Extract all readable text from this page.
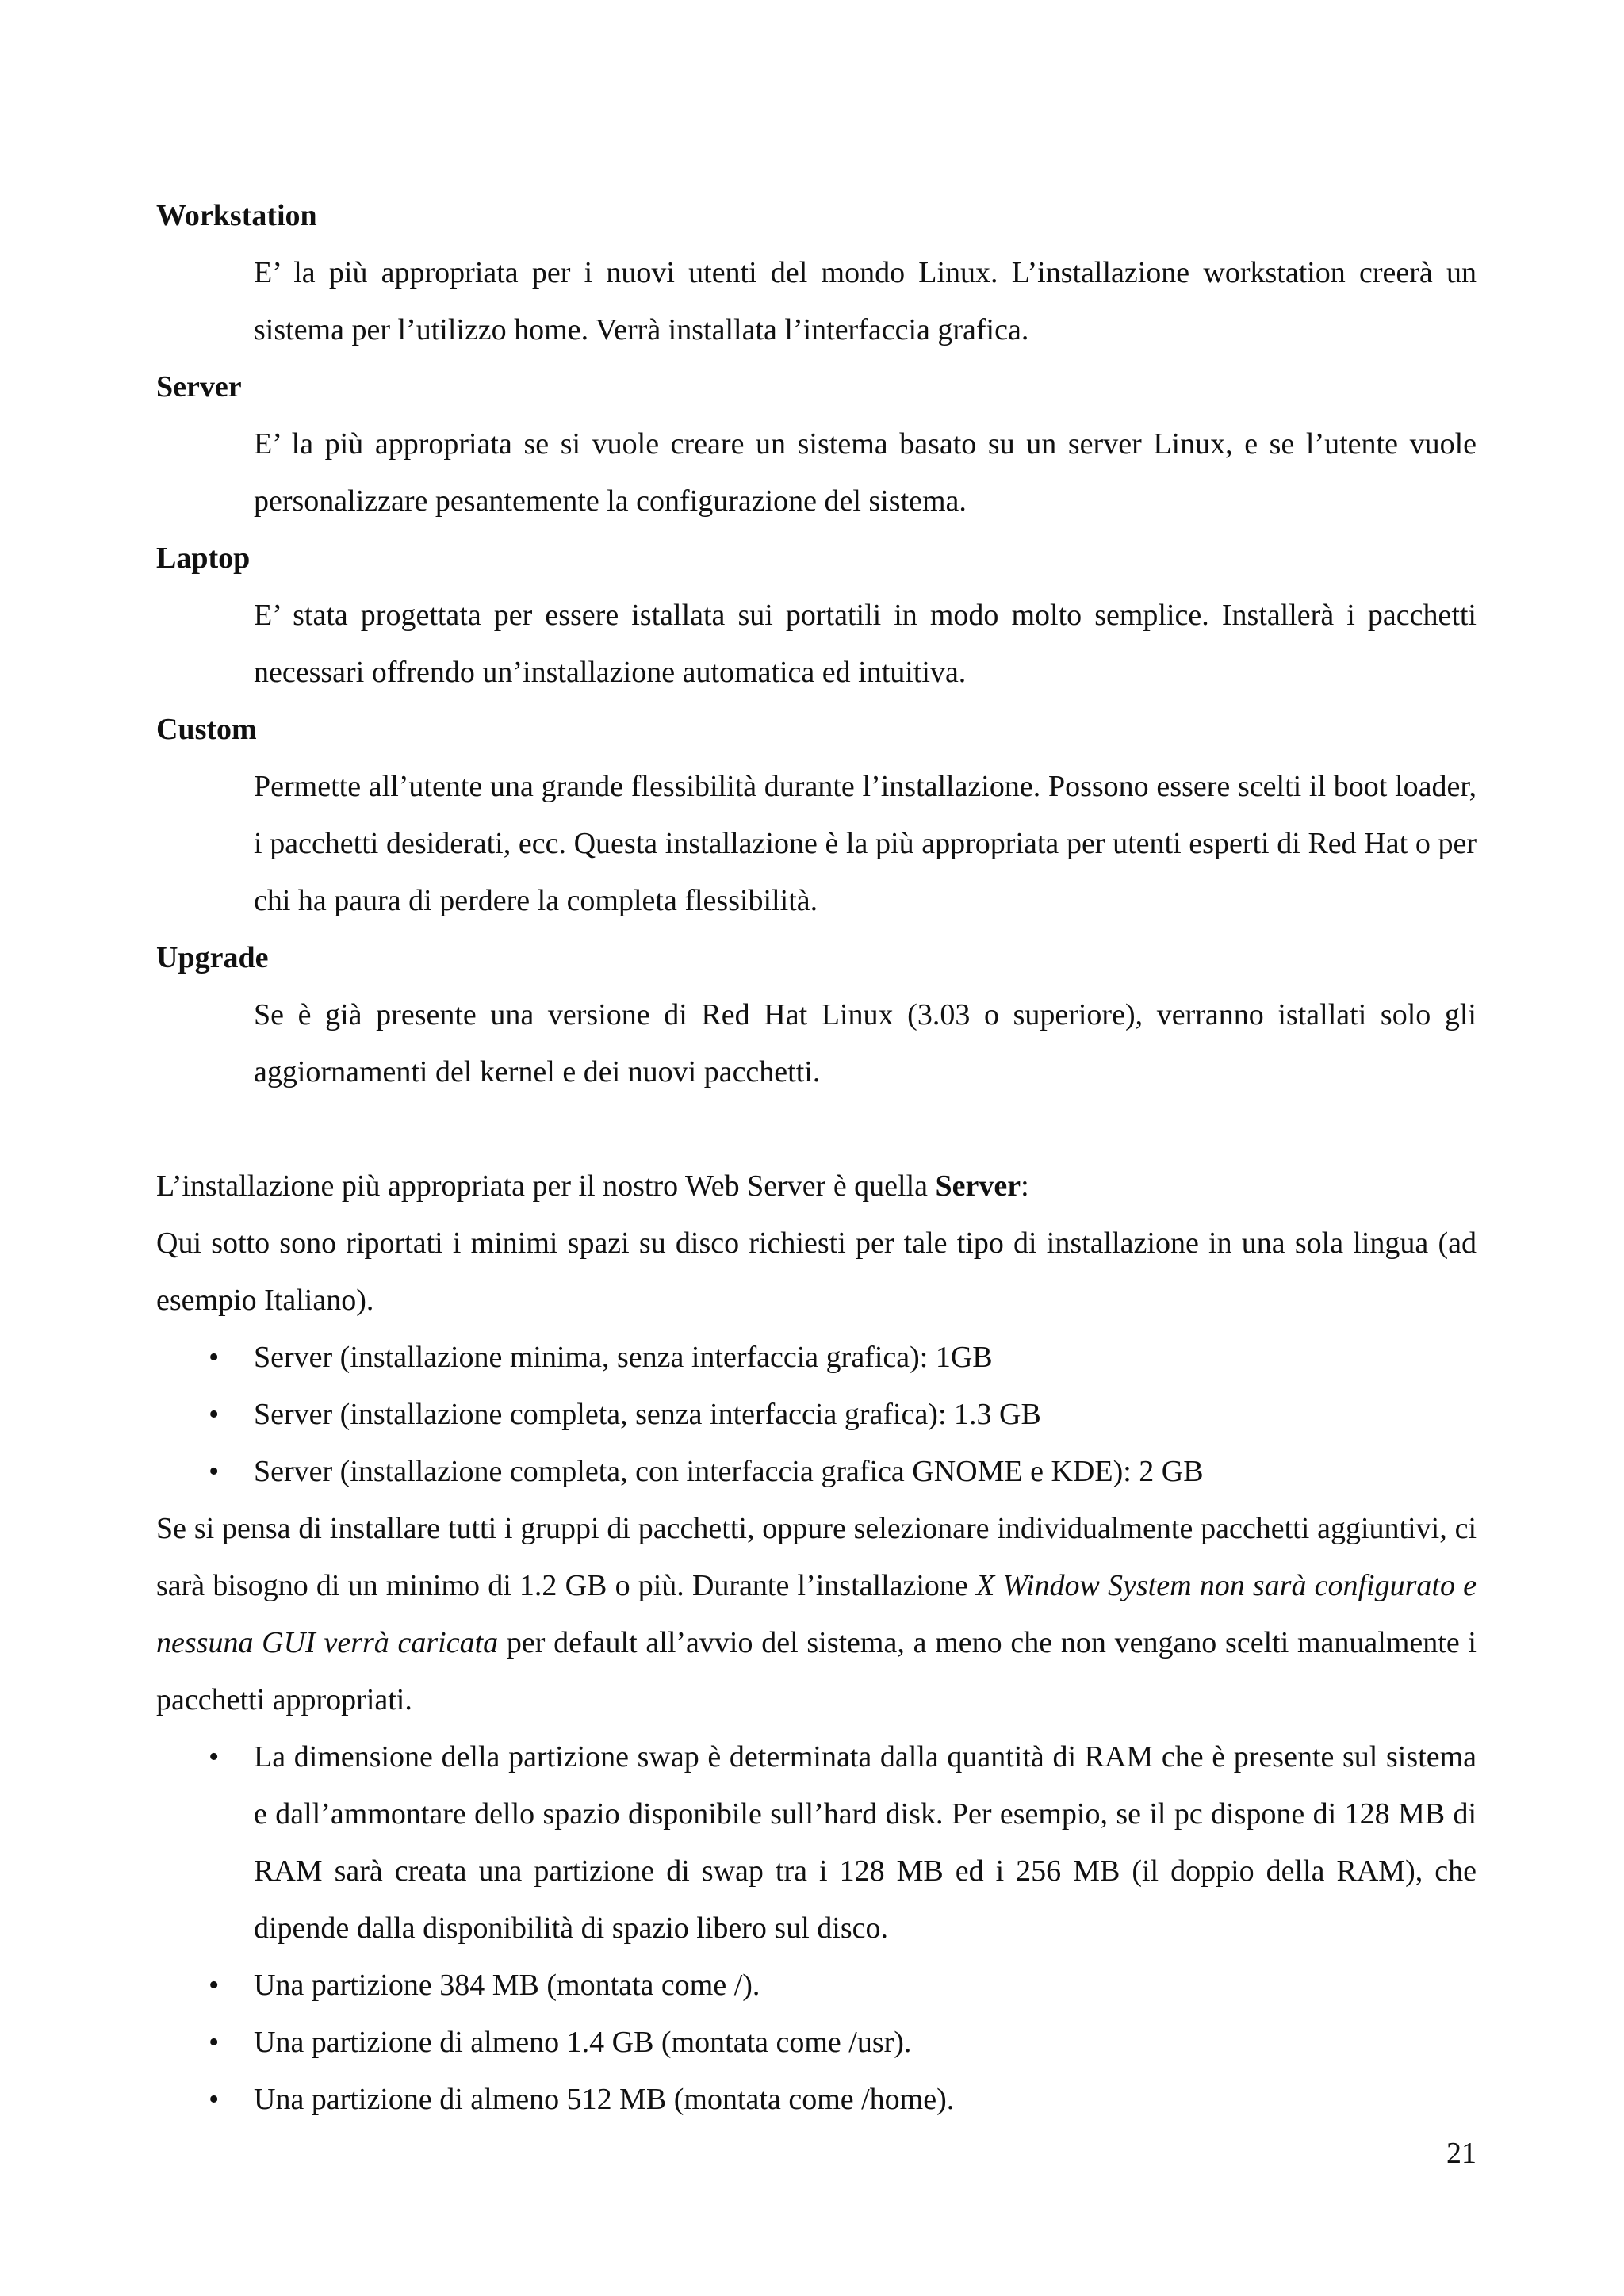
Workstation
E’ la più appropriata per i nuovi utenti del mondo Linux. L’installazione workstation creerà un sistema per l’utilizzo home. Verrà installata l’interfaccia grafica.
Server
E’ la più appropriata se si vuole creare un sistema basato su un server Linux, e se l’utente vuole personalizzare pesantemente la configurazione del sistema.
Laptop
E’ stata progettata per essere istallata sui portatili in modo molto semplice. Installerà i pacchetti necessari offrendo un’installazione automatica ed intuitiva.
Custom
Permette all’utente una grande flessibilità durante l’installazione. Possono essere scelti il boot loader, i pacchetti desiderati, ecc. Questa installazione è la più appropriata per utenti esperti di Red Hat o per chi ha paura di perdere la completa flessibilità.
Upgrade
Se è già presente una versione di Red Hat Linux (3.03 o superiore), verranno istallati solo gli aggiornamenti del kernel e dei nuovi pacchetti.
L’installazione più appropriata per il nostro Web Server è quella Server:
Qui sotto sono riportati i minimi spazi su disco richiesti per tale tipo di installazione in una sola lingua (ad esempio Italiano).
• Server (installazione minima, senza interfaccia grafica): 1GB
• Server (installazione completa, senza interfaccia grafica): 1.3 GB
• Server (installazione completa, con interfaccia grafica GNOME e KDE): 2 GB
Se si pensa di installare tutti i gruppi di pacchetti, oppure selezionare individualmente pacchetti aggiuntivi, ci sarà bisogno di un minimo di 1.2 GB o più. Durante l’installazione X Window System non sarà configurato e nessuna GUI verrà caricata per default all’avvio del sistema, a meno che non vengano scelti manualmente i pacchetti appropriati.
• La dimensione della partizione swap è determinata dalla quantità di RAM che è presente sul sistema e dall’ammontare dello spazio disponibile sull’hard disk. Per esempio, se il pc dispone di 128 MB di RAM sarà creata una partizione di swap tra i 128 MB ed i 256 MB (il doppio della RAM), che dipende dalla disponibilità di spazio libero sul disco.
• Una partizione 384 MB (montata come /).
• Una partizione di almeno 1.4 GB (montata come /usr).
• Una partizione di almeno 512 MB (montata come /home).
21
